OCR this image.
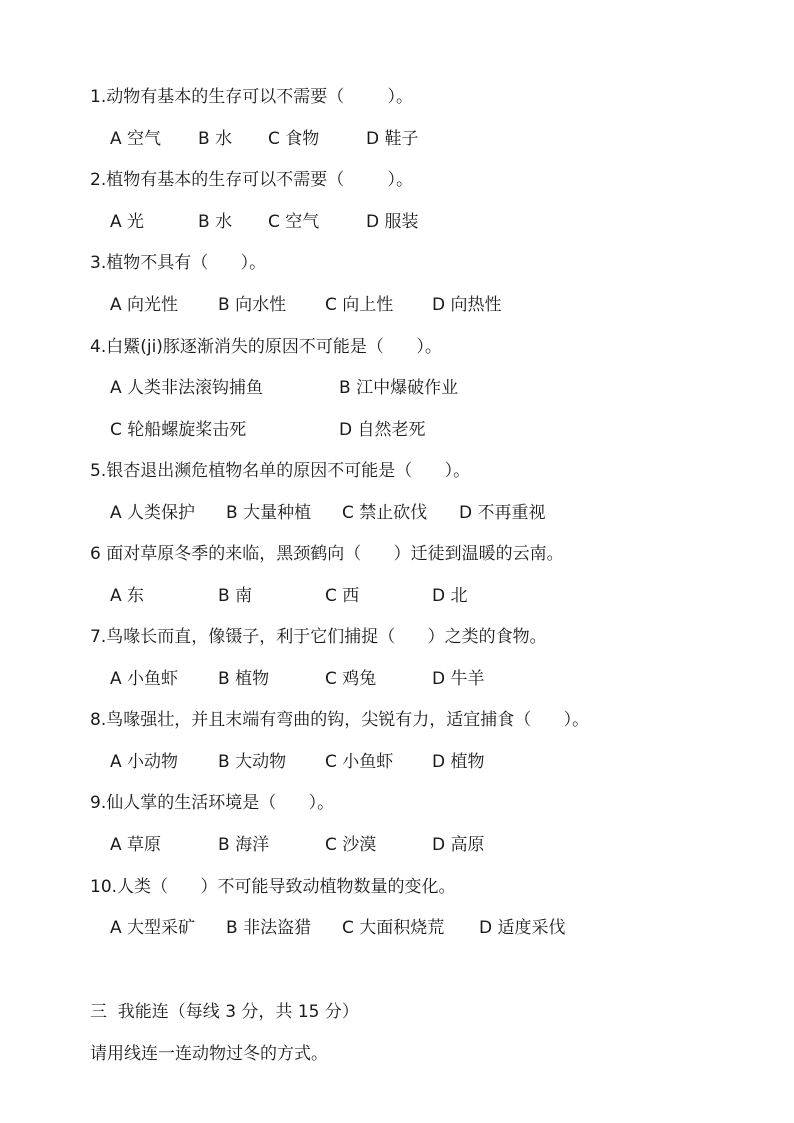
1.动物有基本的生存可以不需要（        ）。
A 空气 B 水 C 食物	D 鞋子
2.植物有基本的生存可以不需要（        ）。
A 光	B 水 C 空气	D 服装
3.植物不具有（      ）。
A 向光性 B 向水性 C 向上性 D 向热性
4.白鱀(ji)豚逐渐消失的原因不可能是（      ）。
A 人类非法滚钩捕鱼	B 江中爆破作业
C 轮船螺旋桨击死	D 自然老死
5.银杏退出濒危植物名单的原因不可能是（      ）。
A 人类保护 B 大量种植 C 禁止砍伐 D 不再重视
6 面对草原冬季的来临，黑颈鹤向（      ）迁徒到温暖的云南。
A 东	B 南	C 西	D 北
7.鸟喙长而直，像镊子，利于它们捕捉（      ）之类的食物。
A 小鱼虾 B 植物	C 鸡兔	D 牛羊
8.鸟喙强壮，并且末端有弯曲的钩，尖锐有力，适宜捕食（      ）。
A 小动物 B 大动物 C 小鱼虾 D 植物
9.仙人掌的生活环境是（      ）。
A 草原	B 海洋	C 沙漠	D 高原
10.人类（      ）不可能导致动植物数量的变化。
A 大型采矿 B 非法盗猎 C 大面积烧荒 D 适度采伐
三  我能连（每线 3 分，共 15 分）
请用线连一连动物过冬的方式。
